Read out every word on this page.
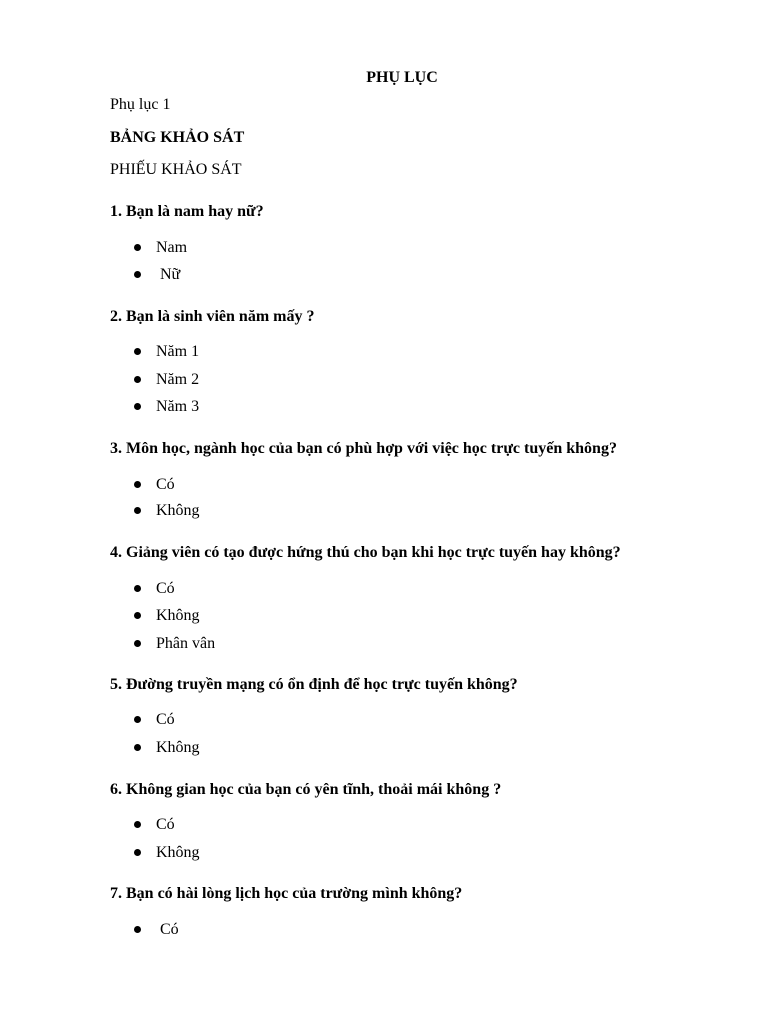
PHỤ LỤC
Phụ lục 1
BẢNG KHẢO SÁT
PHIẾU KHẢO SÁT
1. Bạn là nam hay nữ?
Nam
Nữ
2. Bạn là sinh viên năm mấy ?
Năm 1
Năm 2
Năm 3
3. Môn học, ngành học của bạn có phù hợp với việc học trực tuyến không?
Có
Không
4. Giảng viên có tạo được hứng thú cho bạn khi học trực tuyến hay không?
Có
Không
Phân vân
5. Đường truyền mạng có ổn định để học trực tuyến không?
Có
Không
6. Không gian học của bạn có yên tĩnh, thoải mái không ?
Có
Không
7. Bạn có hài lòng lịch học của trường mình không?
Có
